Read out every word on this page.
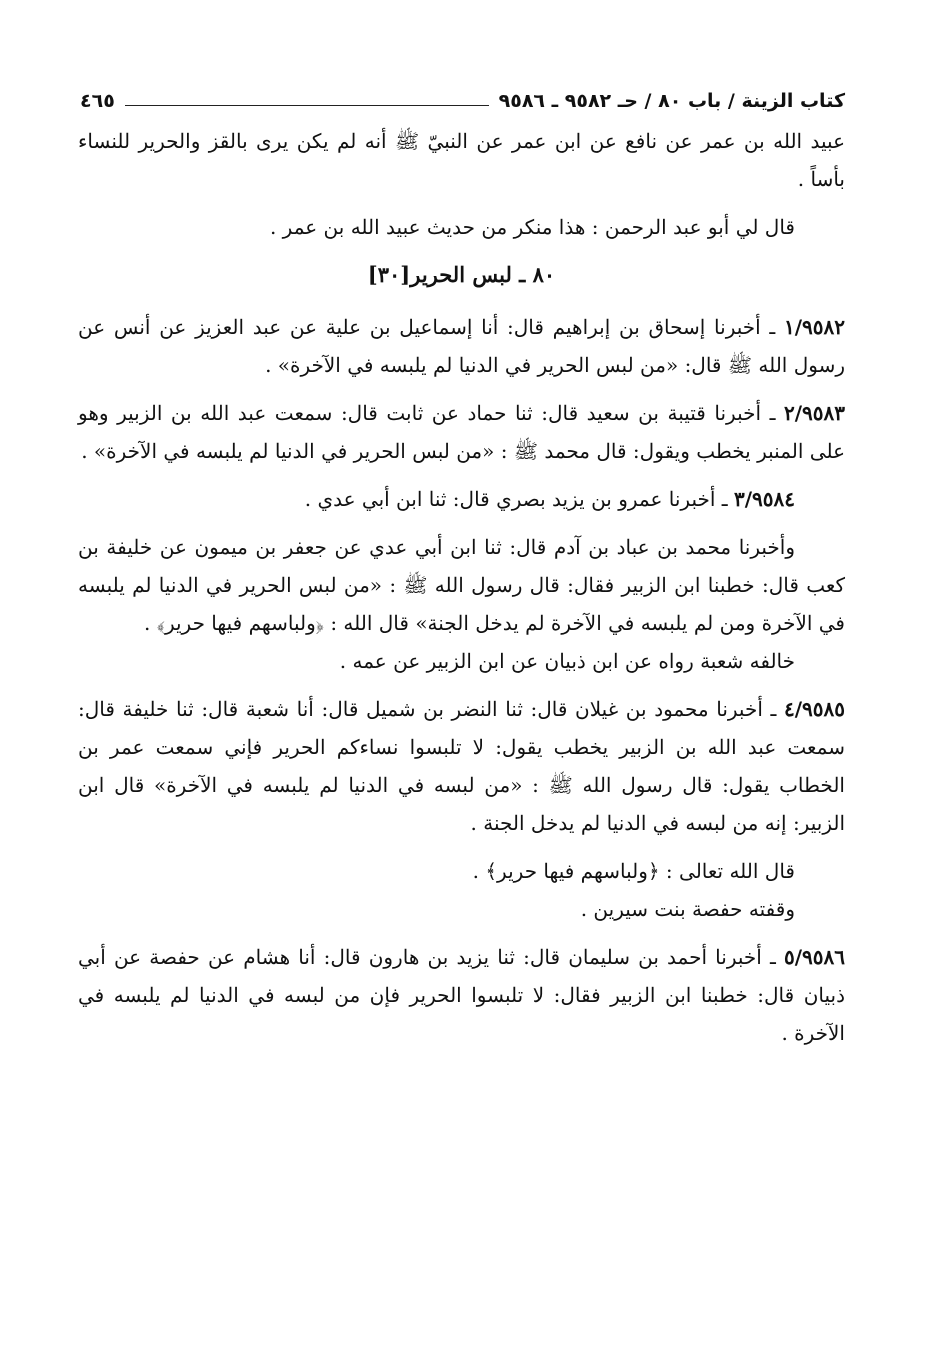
كتاب الزينة / باب ٨٠ / حـ ٩٥٨٢ ـ ٩٥٨٦
٤٦٥

عبيد الله بن عمر عن نافع عن ابن عمر عن النبيّ ﷺ أنه لم يكن يرى بالقز والحرير للنساء بأساً .

قال لي أبو عبد الرحمن : هذا منكر من حديث عبيد الله بن عمر .

٨٠ ـ لبس الحرير[٣٠]

١/٩٥٨٢ ـ أخبرنا إسحاق بن إبراهيم قال: أنا إسماعيل بن علية عن عبد العزيز عن أنس عن رسول الله ﷺ قال: «من لبس الحرير في الدنيا لم يلبسه في الآخرة» .

٢/٩٥٨٣ ـ أخبرنا قتيبة بن سعيد قال: ثنا حماد عن ثابت قال: سمعت عبد الله بن الزبير وهو على المنبر يخطب ويقول: قال محمد ﷺ : «من لبس الحرير في الدنيا لم يلبسه في الآخرة» .

٣/٩٥٨٤ ـ أخبرنا عمرو بن يزيد بصري قال: ثنا ابن أبي عدي .

وأخبرنا محمد بن عباد بن آدم قال: ثنا ابن أبي عدي عن جعفر بن ميمون عن خليفة بن كعب قال: خطبنا ابن الزبير فقال: قال رسول الله ﷺ : «من لبس الحرير في الدنيا لم يلبسه في الآخرة ومن لم يلبسه في الآخرة لم يدخل الجنة» قال الله : ﴿ولباسهم فيها حرير﴾ .

خالفه شعبة رواه عن ابن ذبيان عن ابن الزبير عن عمه .

٤/٩٥٨٥ ـ أخبرنا محمود بن غيلان قال: ثنا النضر بن شميل قال: أنا شعبة قال: ثنا خليفة قال: سمعت عبد الله بن الزبير يخطب يقول: لا تلبسوا نساءكم الحرير فإني سمعت عمر بن الخطاب يقول: قال رسول الله ﷺ : «من لبسه في الدنيا لم يلبسه في الآخرة» قال ابن الزبير: إنه من لبسه في الدنيا لم يدخل الجنة .

قال الله تعالى : ﴿ولباسهم فيها حرير﴾ .

وقفته حفصة بنت سيرين .

٥/٩٥٨٦ ـ أخبرنا أحمد بن سليمان قال: ثنا يزيد بن هارون قال: أنا هشام عن حفصة عن أبي ذبيان قال: خطبنا ابن الزبير فقال: لا تلبسوا الحرير فإن من لبسه في الدنيا لم يلبسه في الآخرة .
